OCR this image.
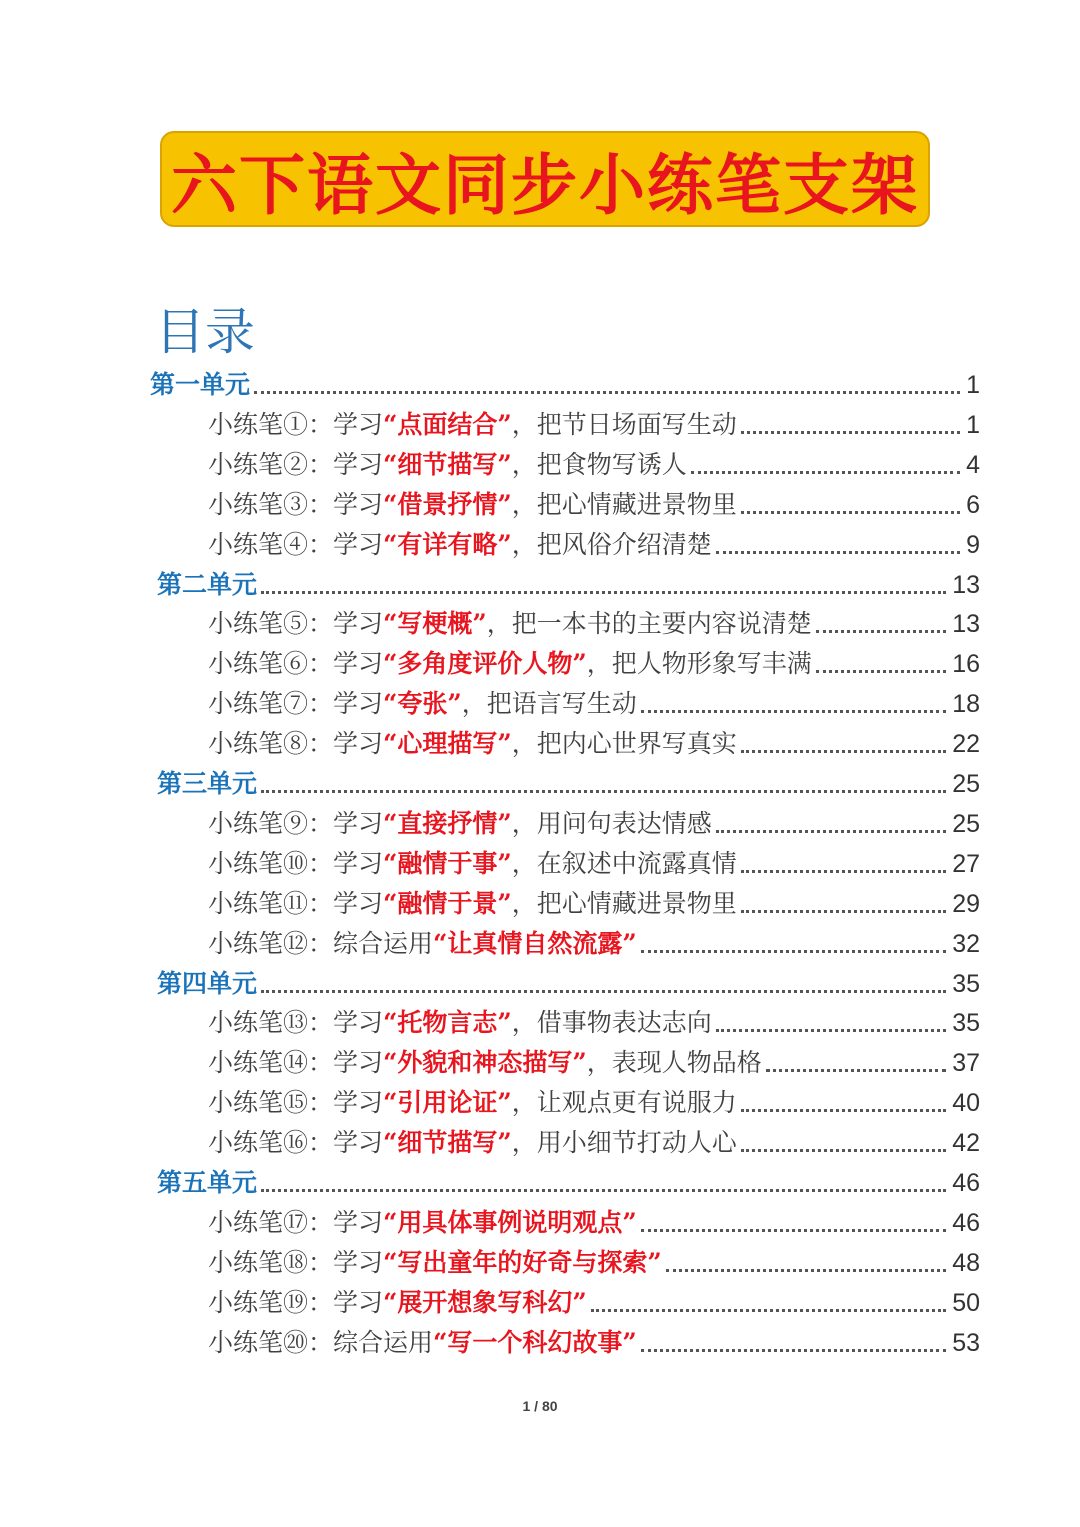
六下语文同步小练笔支架
目录
第一单元	1
小练笔①：学习“点面结合”，把节日场面写生动	1
小练笔②：学习“细节描写”，把食物写诱人	4
小练笔③：学习“借景抒情”，把心情藏进景物里	6
小练笔④：学习“有详有略”，把风俗介绍清楚	9
第二单元	13
小练笔⑤：学习“写梗概”，把一本书的主要内容说清楚	13
小练笔⑥：学习“多角度评价人物”，把人物形象写丰满	16
小练笔⑦：学习“夸张”，把语言写生动	18
小练笔⑧：学习“心理描写”，把内心世界写真实	22
第三单元	25
小练笔⑨：学习“直接抒情”，用问句表达情感	25
小练笔⑩：学习“融情于事”，在叙述中流露真情	27
小练笔⑪：学习“融情于景”，把心情藏进景物里	29
小练笔⑫：综合运用“让真情自然流露”	32
第四单元	35
小练笔⑬：学习“托物言志”，借事物表达志向	35
小练笔⑭：学习“外貌和神态描写”，表现人物品格	37
小练笔⑮：学习“引用论证”，让观点更有说服力	40
小练笔⑯：学习“细节描写”，用小细节打动人心	42
第五单元	46
小练笔⑰：学习“用具体事例说明观点”	46
小练笔⑱：学习“写出童年的好奇与探索”	48
小练笔⑲：学习“展开想象写科幻”	50
小练笔⑳：综合运用“写一个科幻故事”	53
1 / 80
